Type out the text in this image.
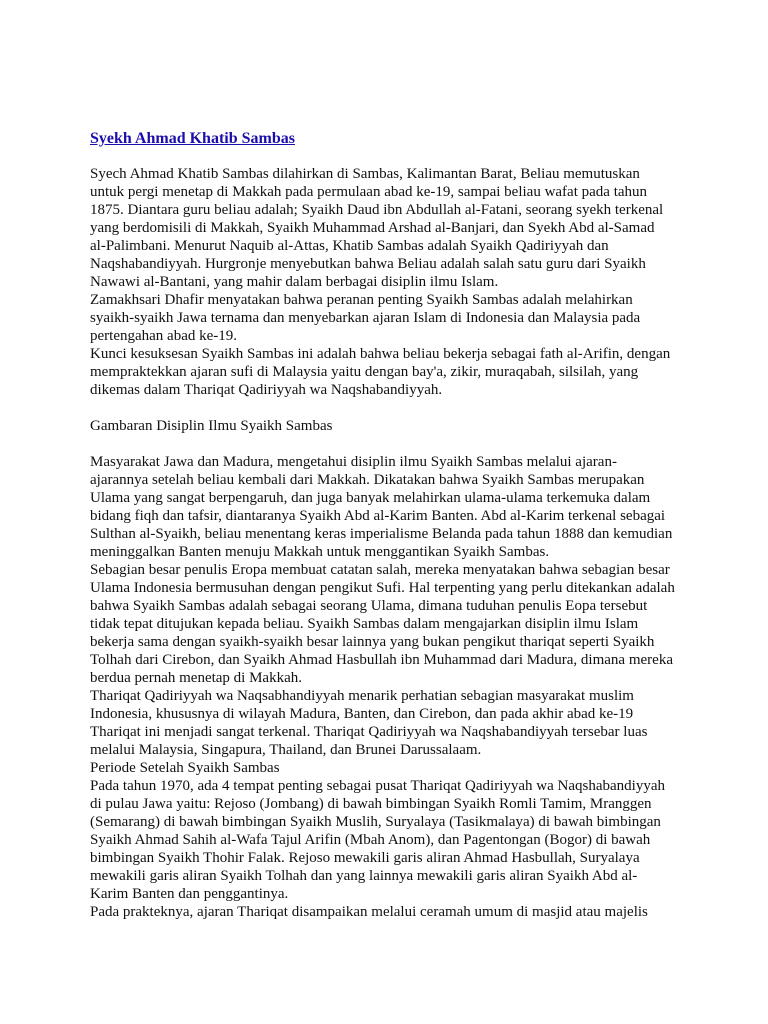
Syekh Ahmad Khatib Sambas
Syech Ahmad Khatib Sambas dilahirkan di Sambas, Kalimantan Barat, Beliau memutuskan
untuk pergi menetap di Makkah pada permulaan abad ke-19, sampai beliau wafat pada tahun
1875. Diantara guru beliau adalah; Syaikh Daud ibn Abdullah al-Fatani, seorang syekh terkenal
yang berdomisili di Makkah, Syaikh Muhammad Arshad al-Banjari, dan Syekh Abd al-Samad
al-Palimbani. Menurut Naquib al-Attas, Khatib Sambas adalah Syaikh Qadiriyyah dan
Naqshabandiyyah. Hurgronje menyebutkan bahwa Beliau adalah salah satu guru dari Syaikh
Nawawi al-Bantani, yang mahir dalam berbagai disiplin ilmu Islam.
Zamakhsari Dhafir menyatakan bahwa peranan penting Syaikh Sambas adalah melahirkan
syaikh-syaikh Jawa ternama dan menyebarkan ajaran Islam di Indonesia dan Malaysia pada
pertengahan abad ke-19.
Kunci kesuksesan Syaikh Sambas ini adalah bahwa beliau bekerja sebagai fath al-Arifin, dengan
mempraktekkan ajaran sufi di Malaysia yaitu dengan bay'a, zikir, muraqabah, silsilah, yang
dikemas dalam Thariqat Qadiriyyah wa Naqshabandiyyah.
Gambaran Disiplin Ilmu Syaikh Sambas
Masyarakat Jawa dan Madura, mengetahui disiplin ilmu Syaikh Sambas melalui ajaran-
ajarannya setelah beliau kembali dari Makkah. Dikatakan bahwa Syaikh Sambas merupakan
Ulama yang sangat berpengaruh, dan juga banyak melahirkan ulama-ulama terkemuka dalam
bidang fiqh dan tafsir, diantaranya Syaikh Abd al-Karim Banten. Abd al-Karim terkenal sebagai
Sulthan al-Syaikh, beliau menentang keras imperialisme Belanda pada tahun 1888 dan kemudian
meninggalkan Banten menuju Makkah untuk menggantikan Syaikh Sambas.
Sebagian besar penulis Eropa membuat catatan salah, mereka menyatakan bahwa sebagian besar
Ulama Indonesia bermusuhan dengan pengikut Sufi. Hal terpenting yang perlu ditekankan adalah
bahwa Syaikh Sambas adalah sebagai seorang Ulama, dimana tuduhan penulis Eopa tersebut
tidak tepat ditujukan kepada beliau. Syaikh Sambas dalam mengajarkan disiplin ilmu Islam
bekerja sama dengan syaikh-syaikh besar lainnya yang bukan pengikut thariqat seperti Syaikh
Tolhah dari Cirebon, dan Syaikh Ahmad Hasbullah ibn Muhammad dari Madura, dimana mereka
berdua pernah menetap di Makkah.
Thariqat Qadiriyyah wa Naqsabhandiyyah menarik perhatian sebagian masyarakat muslim
Indonesia, khususnya di wilayah Madura, Banten, dan Cirebon, dan pada akhir abad ke-19
Thariqat ini menjadi sangat terkenal. Thariqat Qadiriyyah wa Naqshabandiyyah tersebar luas
melalui Malaysia, Singapura, Thailand, dan Brunei Darussalaam.
Periode Setelah Syaikh Sambas
Pada tahun 1970, ada 4 tempat penting sebagai pusat Thariqat Qadiriyyah wa Naqshabandiyyah
di pulau Jawa yaitu: Rejoso (Jombang) di bawah bimbingan Syaikh Romli Tamim, Mranggen
(Semarang) di bawah bimbingan Syaikh Muslih, Suryalaya (Tasikmalaya) di bawah bimbingan
Syaikh Ahmad Sahih al-Wafa Tajul Arifin (Mbah Anom), dan Pagentongan (Bogor) di bawah
bimbingan Syaikh Thohir Falak. Rejoso mewakili garis aliran Ahmad Hasbullah, Suryalaya
mewakili garis aliran Syaikh Tolhah dan yang lainnya mewakili garis aliran Syaikh Abd al-
Karim Banten dan penggantinya.
Pada prakteknya, ajaran Thariqat disampaikan melalui ceramah umum di masjid atau majelis
